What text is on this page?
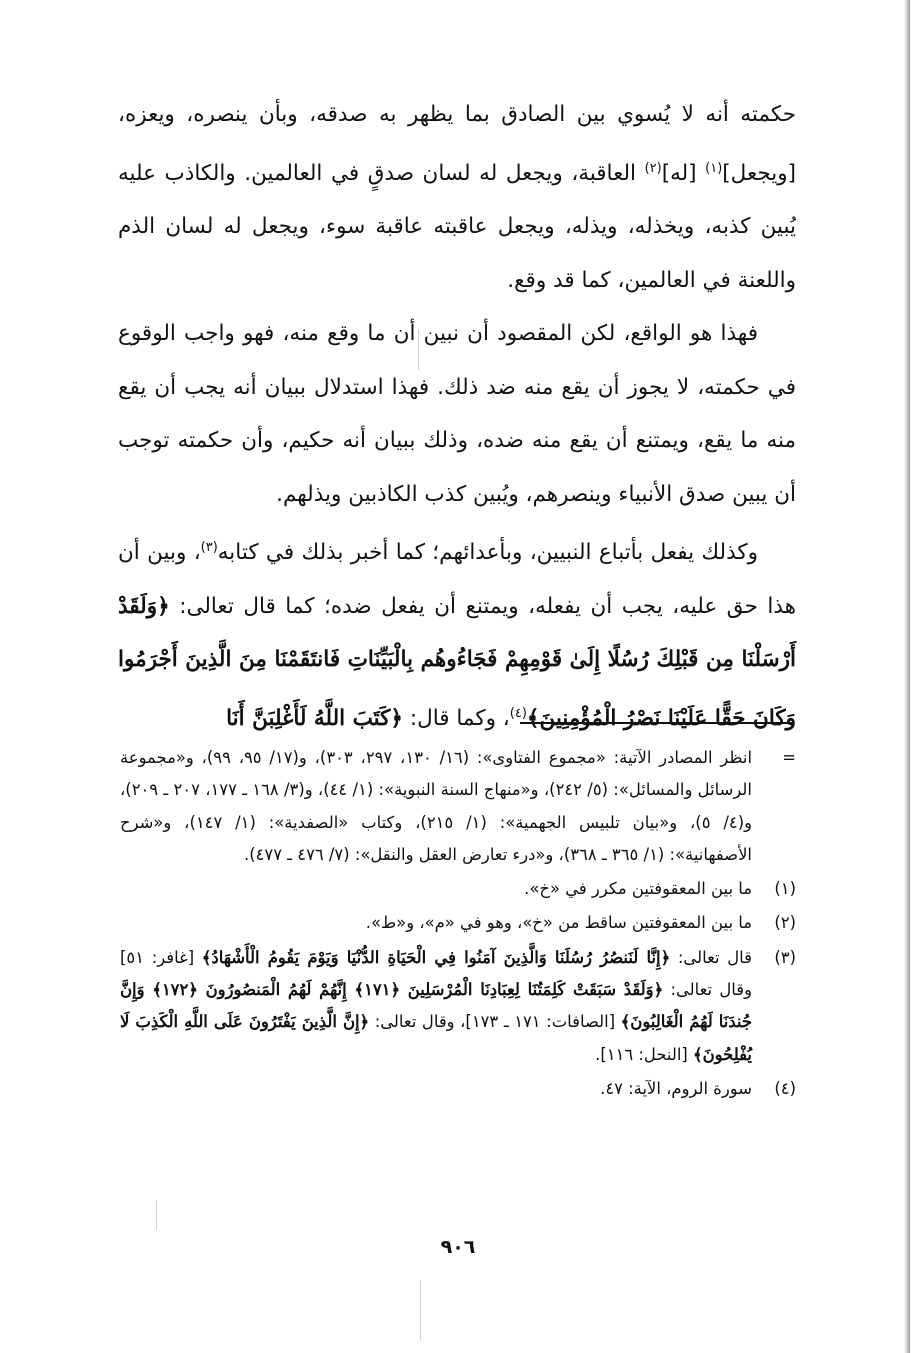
حكمته أنه لا يُسوي بين الصادق بما يظهر به صدقه، وبأن ينصره، ويعزه، [ويجعل]$^{(١)}$ [له]$^{(٢)}$ العاقبة، ويجعل له لسان صدقٍ في العالمين. والكاذب عليه يُبين كذبه، ويخذله، ويذله، ويجعل عاقبته عاقبة سوء، ويجعل له لسان الذم واللعنة في العالمين، كما قد وقع.

فهذا هو الواقع، لكن المقصود أن نبين أن ما وقع منه، فهو واجب الوقوع في حكمته، لا يجوز أن يقع منه ضد ذلك. فهذا استدلال ببيان أنه يجب أن يقع منه ما يقع، ويمتنع أن يقع منه ضده، وذلك ببيان أنه حكيم، وأن حكمته توجب أن يبين صدق الأنبياء وينصرهم، ويُبين كذب الكاذبين ويذلهم.

وكذلك يفعل بأتباع النبيين، وبأعدائهم؛ كما أخبر بذلك في كتابه$^{(٣)}$، وبين أن هذا حق عليه، يجب أن يفعله، ويمتنع أن يفعل ضده؛ كما قال تعالى: ﴿وَلَقَدْ أَرْسَلْنَا مِن قَبْلِكَ رُسُلًا إِلَىٰ قَوْمِهِمْ فَجَاءُوهُم بِالْبَيِّنَاتِ فَانتَقَمْنَا مِنَ الَّذِينَ أَجْرَمُوا وَكَانَ حَقًّا عَلَيْنَا نَصْرُ الْمُؤْمِنِينَ﴾$^{(٤)}$، وكما قال: ﴿كَتَبَ اللَّهُ لَأَغْلِبَنَّ أَنَا

=
انظر المصادر الآتية: «مجموع الفتاوى»: (١٦/ ١٣٠، ٢٩٧، ٣٠٣)، و(١٧/ ٩٥، ٩٩)، و«مجموعة الرسائل والمسائل»: (٥/ ٢٤٢)، و«منهاج السنة النبوية»: (١/ ٤٤)، و(٣/ ١٦٨ ـ ١٧٧، ٢٠٧ ـ ٢٠٩)، و(٤/ ٥)، و«بيان تلبيس الجهمية»: (١/ ٢١٥)، وكتاب «الصفدية»: (١/ ١٤٧)، و«شرح الأصفهانية»: (١/ ٣٦٥ ـ ٣٦٨)، و«درء تعارض العقل والنقل»: (٧/ ٤٧٦ ـ ٤٧٧).
(١)
ما بين المعقوفتين مكرر في «خ».
(٢)
ما بين المعقوفتين ساقط من «خ»، وهو في «م»، و«ط».
(٣)
قال تعالى: ﴿إِنَّا لَنَنصُرُ رُسُلَنَا وَالَّذِينَ آمَنُوا فِي الْحَيَاةِ الدُّنْيَا وَيَوْمَ يَقُومُ الْأَشْهَادُ﴾ [غافر: ٥١] وقال تعالى: ﴿وَلَقَدْ سَبَقَتْ كَلِمَتُنَا لِعِبَادِنَا الْمُرْسَلِينَ ﴿١٧١﴾ إِنَّهُمْ لَهُمُ الْمَنصُورُونَ ﴿١٧٢﴾ وَإِنَّ جُندَنَا لَهُمُ الْغَالِبُونَ﴾ [الصافات: ١٧١ ـ ١٧٣]، وقال تعالى: ﴿إِنَّ الَّذِينَ يَفْتَرُونَ عَلَى اللَّهِ الْكَذِبَ لَا يُفْلِحُونَ﴾ [النحل: ١١٦].
(٤)
سورة الروم، الآية: ٤٧.
٩٠٦
